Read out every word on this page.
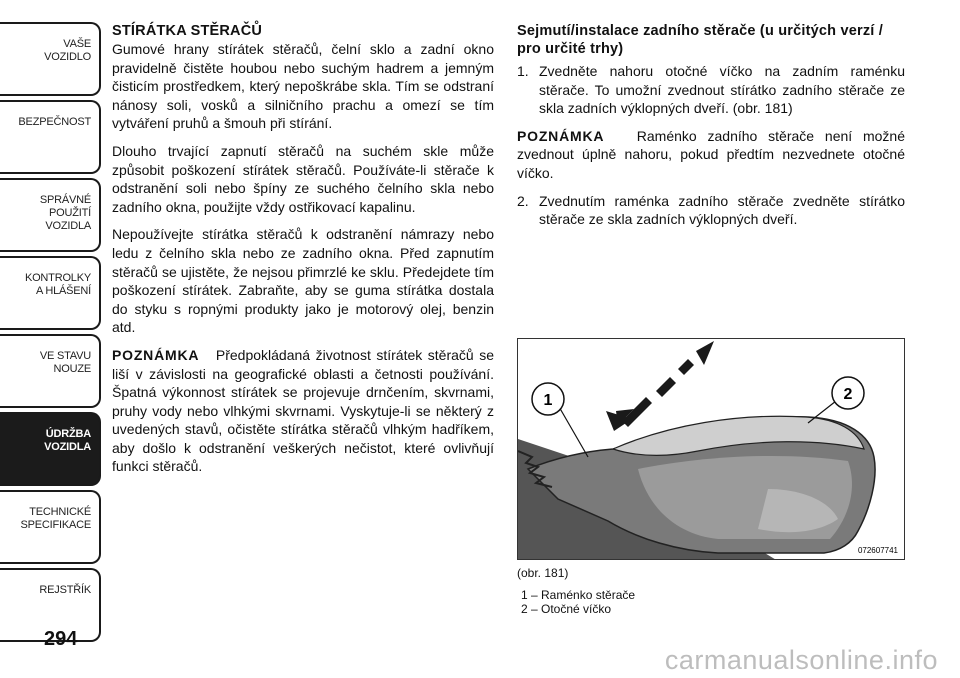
VAŠE
VOZIDLO
BEZPEČNOST
SPRÁVNÉ
POUŽITÍ
VOZIDLA
KONTROLKY
A HLÁŠENÍ
VE STAVU
NOUZE
ÚDRŽBA
VOZIDLA
TECHNICKÉ
SPECIFIKACE
REJSTŘÍK
294
STÍRÁTKA STĚRAČŮ

Gumové hrany stírátek stěračů, čelní sklo a zadní okno pravidelně čistěte houbou nebo suchým hadrem a jemným čisticím prostředkem, který nepoškrábe skla. Tím se odstraní nánosy soli, vosků a silničního prachu a omezí se tím vytváření pruhů a šmouh při stírání.

Dlouho trvající zapnutí stěračů na suchém skle může způsobit poškození stírátek stěračů. Používáte-li stěrače k odstranění soli nebo špíny ze suchého čelního skla nebo zadního okna, použijte vždy ostřikovací kapalinu.

Nepoužívejte stírátka stěračů k odstranění námrazy nebo ledu z čelního skla nebo ze zadního okna. Před zapnutím stěračů se ujistěte, že nejsou přimrzlé ke sklu. Předejdete tím poškození stírátek. Zabraňte, aby se guma stírátka dostala do styku s ropnými produkty jako je motorový olej, benzin atd.

POZNÁMKA Předpokládaná životnost stírátek stěračů se liší v závislosti na geografické oblasti a četnosti používání. Špatná výkonnost stírátek se projevuje drnčením, skvrnami, pruhy vody nebo vlhkými skvrnami. Vyskytuje-li se některý z uvedených stavů, očistěte stírátka stěračů vlhkým hadříkem, aby došlo k odstranění veškerých nečistot, které ovlivňují funkci stěračů.

Sejmutí/instalace zadního stěrače (u určitých verzí / pro určité trhy)
1. Zvedněte nahoru otočné víčko na zadním raménku stěrače. To umožní zvednout stírátko zadního stěrače ze skla zadních výklopných dveří. (obr. 181)

POZNÁMKA Raménko zadního stěrače není možné zvednout úplně nahoru, pokud předtím nezvednete otočné víčko.

2. Zvednutím raménka zadního stěrače zvedněte stírátko stěrače ze skla zadních výklopných dveří.
1	2
072607741
(obr. 181)
1 – Raménko stěrače
2 – Otočné víčko
carmanualsonline.info
